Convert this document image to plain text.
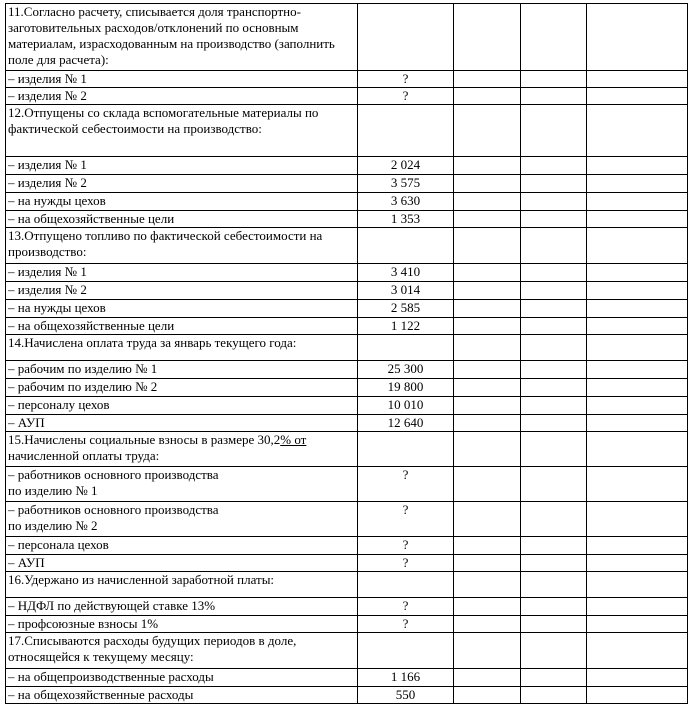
11.Согласно расчету, списывается доля транспортно-заготовительных расходов/отклонений по основным материалам, израсходованным на производство (заполнить поле для расчета):				
– изделия № 1	?			
– изделия № 2	?			
12.Отпущены со склада вспомогательные материалы по фактической себестоимости на производство:				
– изделия № 1	2 024			
– изделия № 2	3 575			
– на нужды цехов	3 630			
– на общехозяйственные цели	1 353			
13.Отпущено топливо по фактической себестоимости на производство:				
– изделия № 1	3 410			
– изделия № 2	3 014			
– на нужды цехов	2 585			
– на общехозяйственные цели	1 122			
14.Начислена оплата труда за январь текущего года:				
– рабочим по изделию № 1	25 300			
– рабочим по изделию № 2	19 800			
– персоналу цехов	10 010			
– АУП	12 640			
15.Начислены социальные взносы в размере 30,2% от начисленной оплаты труда:				
– работников основного производства
по изделию № 1	?			
– работников основного производства
по изделию № 2	?			
– персонала цехов	?			
– АУП	?			
16.Удержано из начисленной заработной платы:				
– НДФЛ по действующей ставке 13%	?			
– профсоюзные взносы 1%	?			
17.Списываются расходы будущих периодов в доле, относящейся к текущему месяцу:				
– на общепроизводственные расходы	1 166			
– на общехозяйственные расходы	550			
